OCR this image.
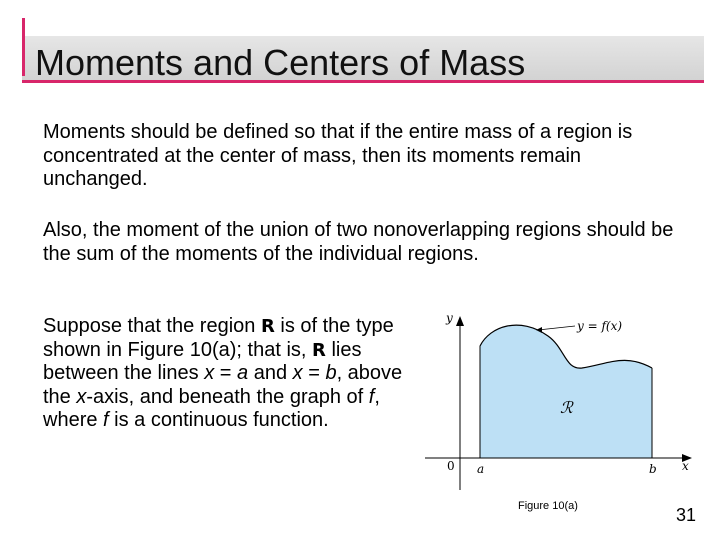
Moments and Centers of Mass

Moments should be defined so that if the entire mass of a region is concentrated at the center of mass, then its moments remain unchanged.

Also, the moment of the union of two nonoverlapping regions should be the sum of the moments of the individual regions.

Suppose that the region R is of the type shown in Figure 10(a); that is, R lies between the lines x = a and x = b, above the x-axis, and beneath the graph of f, where f is a continuous function.

y
x
0
y = f(x)
ℛ
a	b
Figure 10(a)	31
